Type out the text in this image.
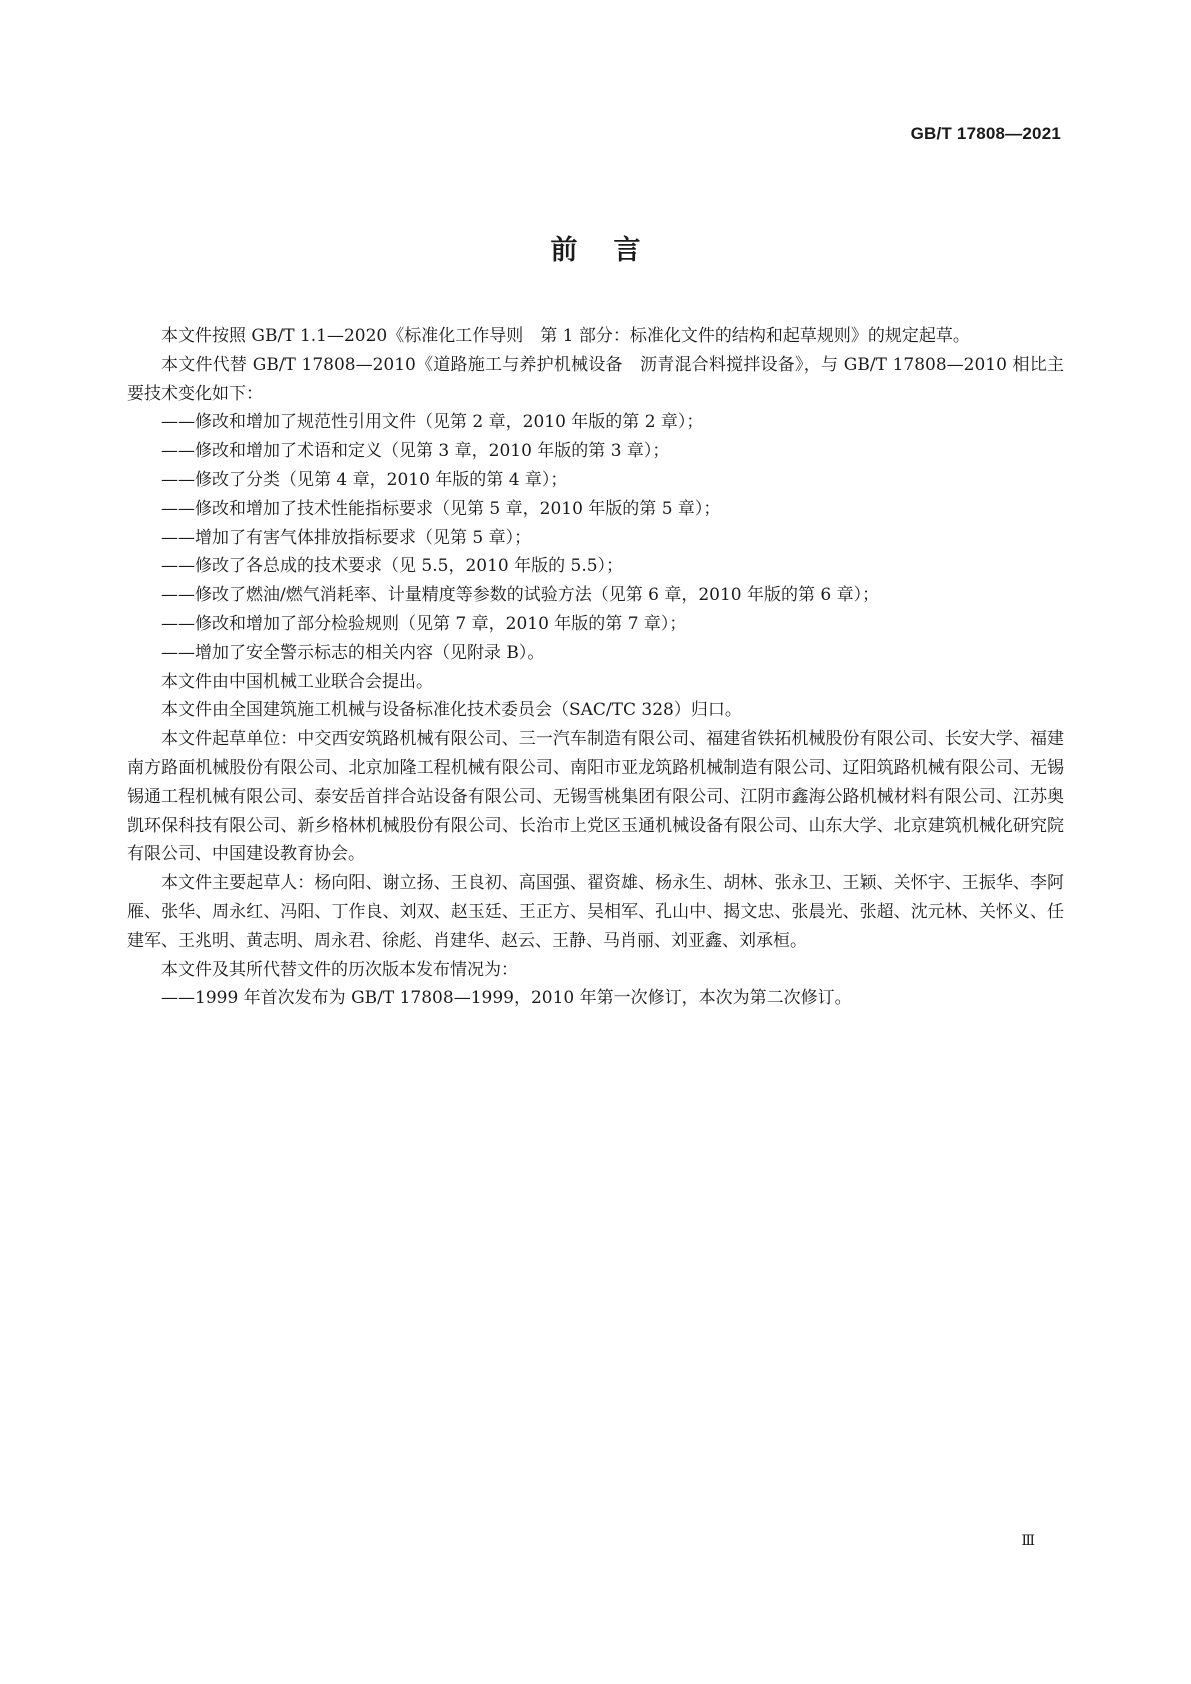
GB/T 17808—2021
前言

本文件按照 GB/T 1.1—2020《标准化工作导则　第 1 部分：标准化文件的结构和起草规则》的规定起草。

本文件代替 GB/T 17808—2010《道路施工与养护机械设备　沥青混合料搅拌设备》，与 GB/T 17808—2010 相比主要技术变化如下：

——修改和增加了规范性引用文件（见第 2 章，2010 年版的第 2 章）；

——修改和增加了术语和定义（见第 3 章，2010 年版的第 3 章）；

——修改了分类（见第 4 章，2010 年版的第 4 章）；

——修改和增加了技术性能指标要求（见第 5 章，2010 年版的第 5 章）；

——增加了有害气体排放指标要求（见第 5 章）；

——修改了各总成的技术要求（见 5.5，2010 年版的 5.5）；

——修改了燃油/燃气消耗率、计量精度等参数的试验方法（见第 6 章，2010 年版的第 6 章）；

——修改和增加了部分检验规则（见第 7 章，2010 年版的第 7 章）；

——增加了安全警示标志的相关内容（见附录 B）。

本文件由中国机械工业联合会提出。

本文件由全国建筑施工机械与设备标准化技术委员会（SAC/TC 328）归口。

本文件起草单位：中交西安筑路机械有限公司、三一汽车制造有限公司、福建省铁拓机械股份有限公司、长安大学、福建南方路面机械股份有限公司、北京加隆工程机械有限公司、南阳市亚龙筑路机械制造有限公司、辽阳筑路机械有限公司、无锡锡通工程机械有限公司、泰安岳首拌合站设备有限公司、无锡雪桃集团有限公司、江阴市鑫海公路机械材料有限公司、江苏奥凯环保科技有限公司、新乡格林机械股份有限公司、长治市上党区玉通机械设备有限公司、山东大学、北京建筑机械化研究院有限公司、中国建设教育协会。

本文件主要起草人：杨向阳、谢立扬、王良初、高国强、翟资雄、杨永生、胡林、张永卫、王颖、关怀宇、王振华、李阿雁、张华、周永红、冯阳、丁作良、刘双、赵玉廷、王正方、吴相军、孔山中、揭文忠、张晨光、张超、沈元林、关怀义、任建军、王兆明、黄志明、周永君、徐彪、肖建华、赵云、王静、马肖丽、刘亚鑫、刘承桓。

本文件及其所代替文件的历次版本发布情况为：

——1999 年首次发布为 GB/T 17808—1999，2010 年第一次修订，本次为第二次修订。

Ⅲ
